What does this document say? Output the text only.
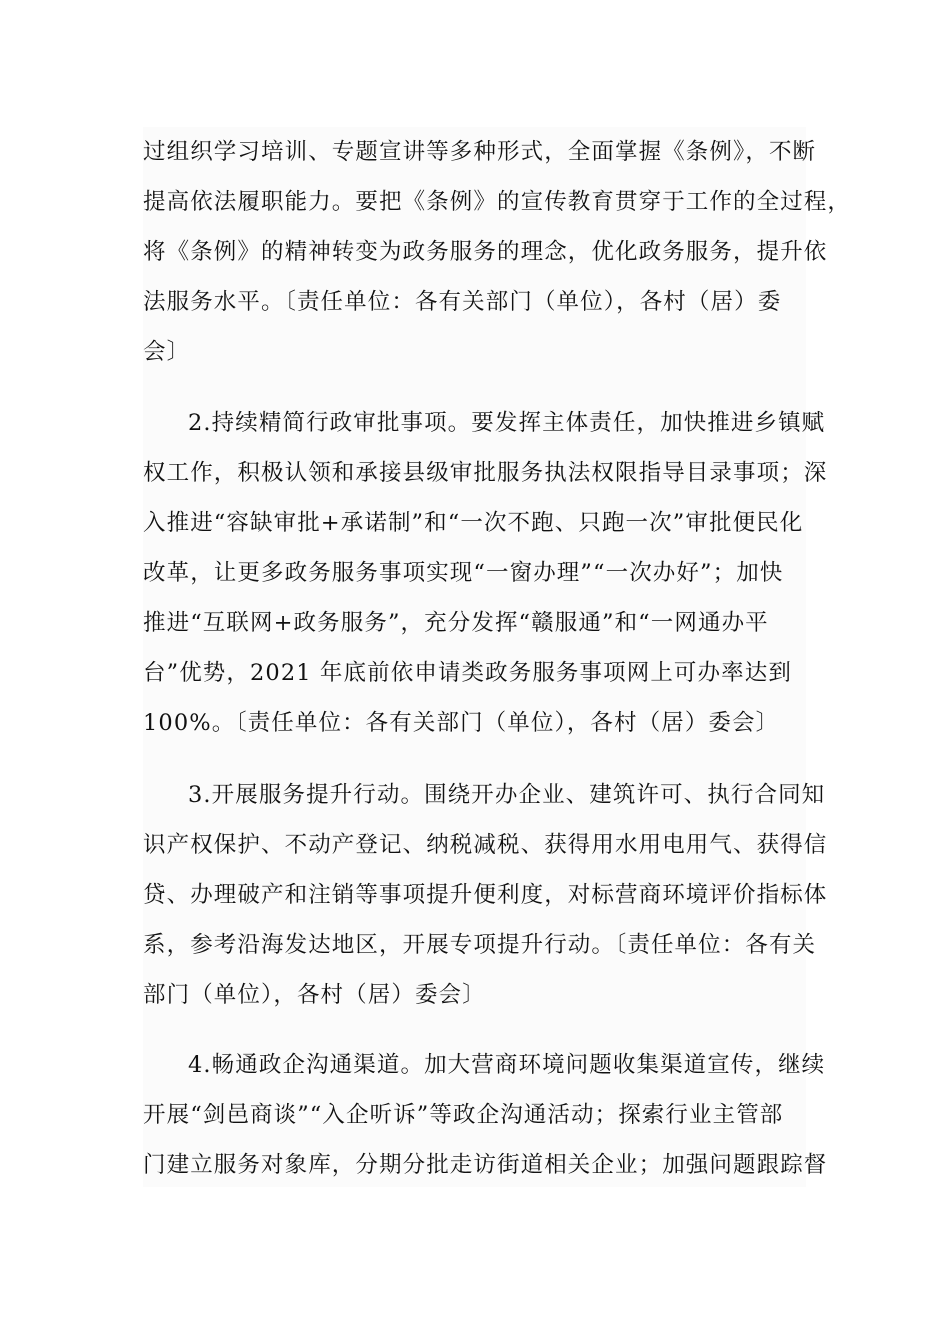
过组织学习培训、专题宣讲等多种形式，全面掌握《条例》，不断
提高依法履职能力。要把《条例》的宣传教育贯穿于工作的全过程，
将《条例》的精神转变为政务服务的理念，优化政务服务，提升依
法服务水平。〔责任单位：各有关部门（单位），各村（居）委
会〕
2.持续精简行政审批事项。要发挥主体责任，加快推进乡镇赋
权工作，积极认领和承接县级审批服务执法权限指导目录事项；深
入推进“容缺审批+承诺制”和“一次不跑、只跑一次”审批便民化
改革，让更多政务服务事项实现“一窗办理”“一次办好”；加快
推进“互联网+政务服务”，充分发挥“赣服通”和“一网通办平
台”优势，2021 年底前依申请类政务服务事项网上可办率达到
100%。〔责任单位：各有关部门（单位），各村（居）委会〕
3.开展服务提升行动。围绕开办企业、建筑许可、执行合同知
识产权保护、不动产登记、纳税减税、获得用水用电用气、获得信
贷、办理破产和注销等事项提升便利度，对标营商环境评价指标体
系，参考沿海发达地区，开展专项提升行动。〔责任单位：各有关
部门（单位），各村（居）委会〕
4.畅通政企沟通渠道。加大营商环境问题收集渠道宣传，继续
开展“剑邑商谈”“入企听诉”等政企沟通活动；探索行业主管部
门建立服务对象库，分期分批走访街道相关企业；加强问题跟踪督
